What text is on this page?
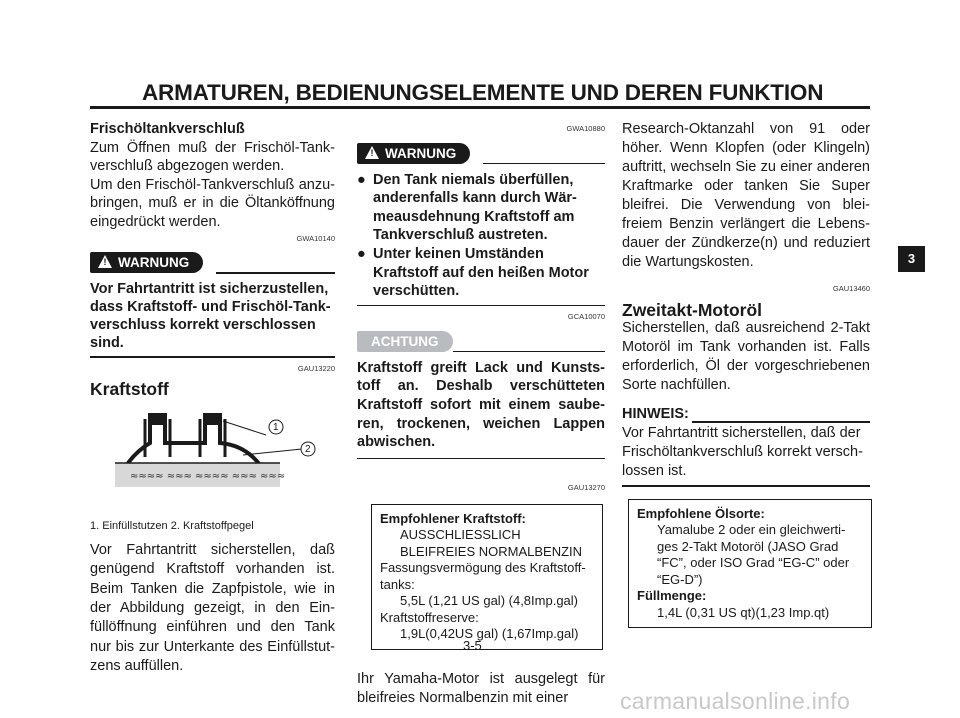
ARMATUREN, BEDIENUNGSELEMENTE UND DEREN FUNKTION

Frischöltankverschluß

Zum Öffnen muß der Frischöl-Tank-verschluß abgezogen werden.

Um den Frischöl-Tankverschluß anzu-bringen, muß er in die Öltanköffnung eingedrückt werden.

GWA10140
! WARNUNG

Vor Fahrtantritt ist sicherzustellen, dass Kraftstoff- und Frischöl-Tank-verschluss korrekt verschlossen sind.

GAU13220

Kraftstoff

≈≈≈≈ ≈≈≈ ≈≈≈≈ ≈≈≈ ≈≈≈
1
2

1. Einfüllstutzen 2. Kraftstoffpegel

Vor Fahrtantritt sicherstellen, daß genügend Kraftstoff vorhanden ist. Beim Tanken die Zapfpistole, wie in der Abbildung gezeigt, in den Ein-füllöffnung einführen und den Tank nur bis zur Unterkante des Einfüllstut-zens auffüllen.

GWA10880
! WARNUNG
● Den Tank niemals überfüllen, anderenfalls kann durch Wär-meausdehnung Kraftstoff am Tankverschluß austreten.
● Unter keinen Umständen Kraftstoff auf den heißen Motor verschütten.
GCA10070
ACHTUNG

Kraftstoff greift Lack und Kunsts-toff an. Deshalb verschütteten Kraftstoff sofort mit einem saube-ren, trockenen, weichen Lappen abwischen.

GAU13270
Empfohlener Kraftstoff:
AUSSCHLIESSLICH BLEIFREIES NORMALBENZIN
Fassungsvermögung des Kraftstoff-tanks:
5,5L (1,21 US gal) (4,8Imp.gal)
Kraftstoffreserve:
1,9L(0,42US gal) (1,67Imp.gal)

Ihr Yamaha-Motor ist ausgelegt für bleifreies Normalbenzin mit einer

Research-Oktanzahl von 91 oder höher. Wenn Klopfen (oder Klingeln) auftritt, wechseln Sie zu einer anderen Kraftmarke oder tanken Sie Super bleifrei. Die Verwendung von blei-freiem Benzin verlängert die Lebens-dauer der Zündkerze(n) und reduziert die Wartungskosten.

GAU13460

Zweitakt-Motoröl

Sicherstellen, daß ausreichend 2-Takt Motoröl im Tank vorhanden ist. Falls erforderlich, Öl der vorgeschriebenen Sorte nachfüllen.

HINWEIS:

Vor Fahrtantritt sicherstellen, daß der Frischöltankverschluß korrekt versch-lossen ist.

Empfohlene Ölsorte:
Yamalube 2 oder ein gleichwerti-ges 2-Takt Motoröl (JASO Grad “FC”, oder ISO Grad “EG-C” oder “EG-D”)
Füllmenge:
1,4L (0,31 US qt)(1,23 Imp.qt)
3
3-5
carmanualsonline.info
